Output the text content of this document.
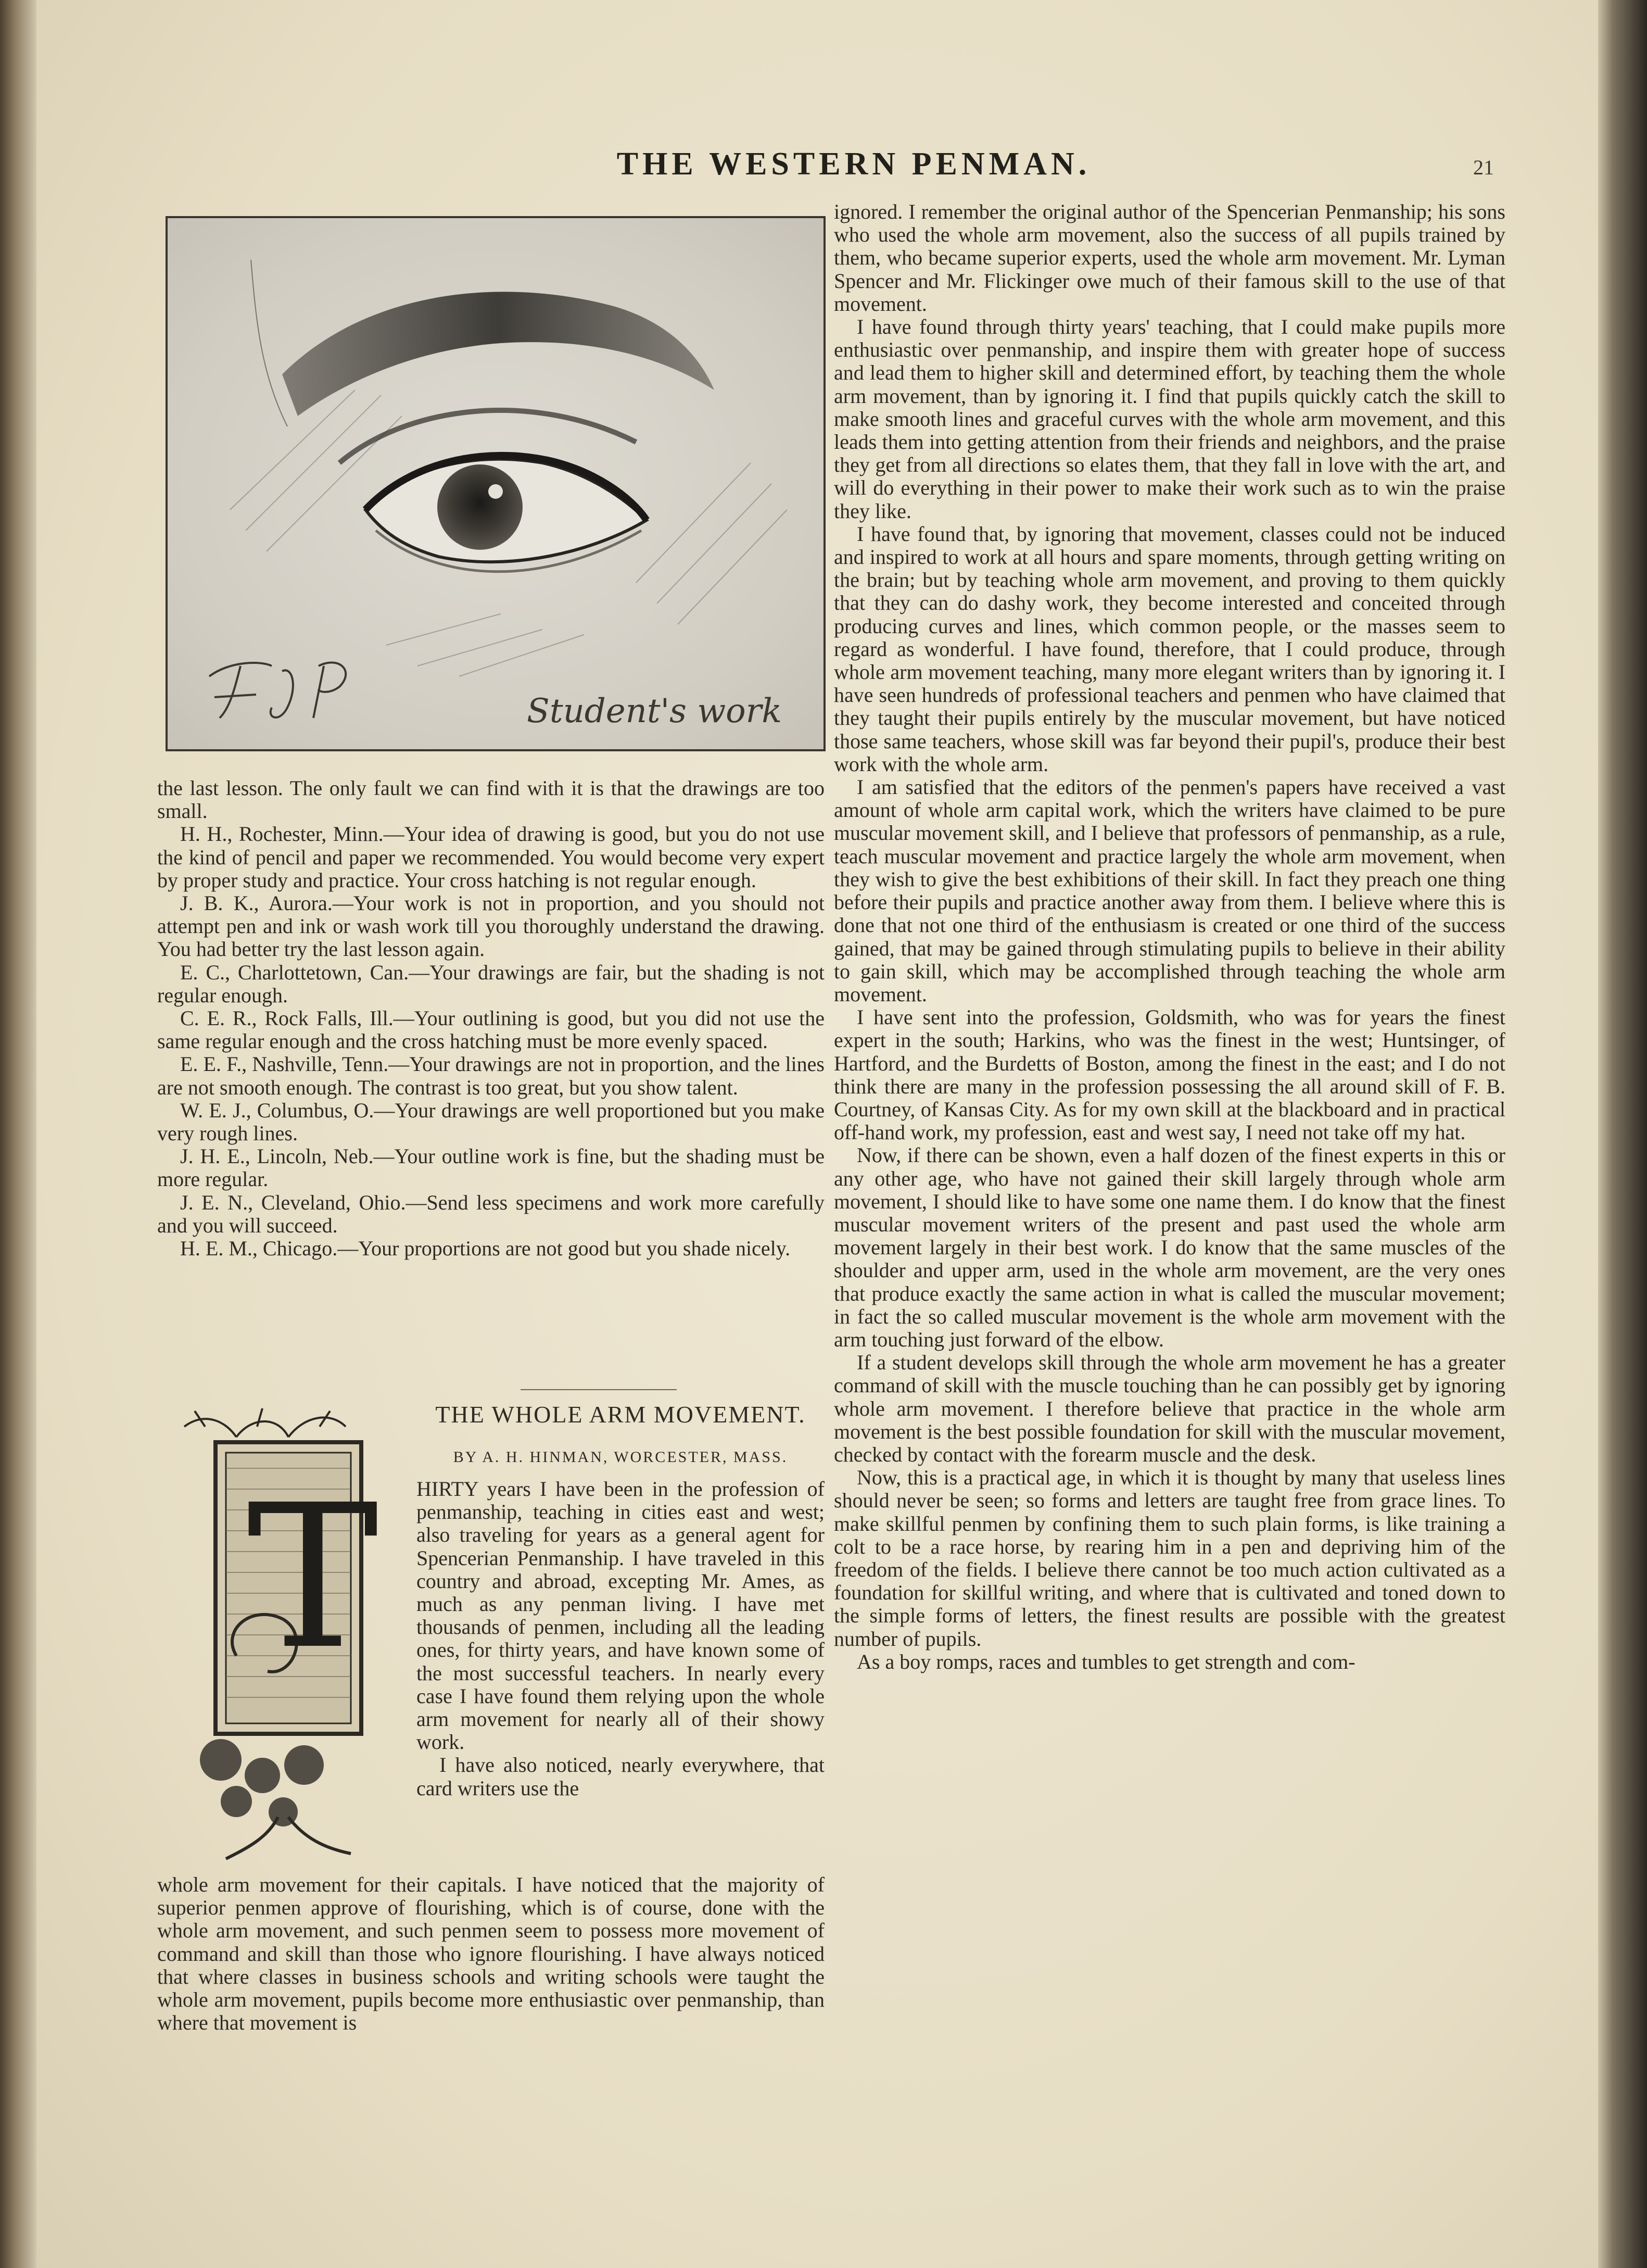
THE WESTERN PENMAN.	21
Student's work

the last lesson. The only fault we can find with it is that the drawings are too small.

H. H., Rochester, Minn.—Your idea of drawing is good, but you do not use the kind of pencil and paper we recommended. You would become very expert by proper study and practice. Your cross hatching is not regular enough.

J. B. K., Aurora.—Your work is not in proportion, and you should not attempt pen and ink or wash work till you thoroughly understand the drawing. You had better try the last lesson again.

E. C., Charlottetown, Can.—Your drawings are fair, but the shading is not regular enough.

C. E. R., Rock Falls, Ill.—Your outlining is good, but you did not use the same regular enough and the cross hatching must be more evenly spaced.

E. E. F., Nashville, Tenn.—Your drawings are not in proportion, and the lines are not smooth enough. The contrast is too great, but you show talent.

W. E. J., Columbus, O.—Your drawings are well proportioned but you make very rough lines.

J. H. E., Lincoln, Neb.—Your outline work is fine, but the shading must be more regular.

J. E. N., Cleveland, Ohio.—Send less specimens and work more carefully and you will succeed.

H. E. M., Chicago.—Your proportions are not good but you shade nicely.

THE WHOLE ARM MOVEMENT.
BY A. H. HINMAN, WORCESTER, MASS.
T HIRTY years I have been in the profession of penmanship, teaching in cities east and west; also traveling for years as a general agent for Spencerian Penmanship. I have traveled in this country and abroad, excepting Mr. Ames, as much as any penman living. I have met thousands of penmen, including all the leading ones, for thirty years, and have known some of the most successful teachers. In nearly every case I have found them relying upon the whole arm movement for nearly all of their showy work.

I have also noticed, nearly everywhere, that card writers use the

whole arm movement for their capitals. I have noticed that the majority of superior penmen approve of flourishing, which is of course, done with the whole arm movement, and such penmen seem to possess more movement of command and skill than those who ignore flourishing. I have always noticed that where classes in business schools and writing schools were taught the whole arm movement, pupils become more enthusiastic over penmanship, than where that movement is

ignored. I remember the original author of the Spencerian Penmanship; his sons who used the whole arm movement, also the success of all pupils trained by them, who became superior experts, used the whole arm movement. Mr. Lyman Spencer and Mr. Flickinger owe much of their famous skill to the use of that movement.

I have found through thirty years' teaching, that I could make pupils more enthusiastic over penmanship, and inspire them with greater hope of success and lead them to higher skill and determined effort, by teaching them the whole arm movement, than by ignoring it. I find that pupils quickly catch the skill to make smooth lines and graceful curves with the whole arm movement, and this leads them into getting attention from their friends and neighbors, and the praise they get from all directions so elates them, that they fall in love with the art, and will do everything in their power to make their work such as to win the praise they like.

I have found that, by ignoring that movement, classes could not be induced and inspired to work at all hours and spare moments, through getting writing on the brain; but by teaching whole arm movement, and proving to them quickly that they can do dashy work, they become interested and conceited through producing curves and lines, which common people, or the masses seem to regard as wonderful. I have found, therefore, that I could produce, through whole arm movement teaching, many more elegant writers than by ignoring it. I have seen hundreds of professional teachers and penmen who have claimed that they taught their pupils entirely by the muscular movement, but have noticed those same teachers, whose skill was far beyond their pupil's, produce their best work with the whole arm.

I am satisfied that the editors of the penmen's papers have received a vast amount of whole arm capital work, which the writers have claimed to be pure muscular movement skill, and I believe that professors of penmanship, as a rule, teach muscular movement and practice largely the whole arm movement, when they wish to give the best exhibitions of their skill. In fact they preach one thing before their pupils and practice another away from them. I believe where this is done that not one third of the enthusiasm is created or one third of the success gained, that may be gained through stimulating pupils to believe in their ability to gain skill, which may be accomplished through teaching the whole arm movement.

I have sent into the profession, Goldsmith, who was for years the finest expert in the south; Harkins, who was the finest in the west; Huntsinger, of Hartford, and the Burdetts of Boston, among the finest in the east; and I do not think there are many in the profession possessing the all around skill of F. B. Courtney, of Kansas City. As for my own skill at the blackboard and in practical off-hand work, my profession, east and west say, I need not take off my hat.

Now, if there can be shown, even a half dozen of the finest experts in this or any other age, who have not gained their skill largely through whole arm movement, I should like to have some one name them. I do know that the finest muscular movement writers of the present and past used the whole arm movement largely in their best work. I do know that the same muscles of the shoulder and upper arm, used in the whole arm movement, are the very ones that produce exactly the same action in what is called the muscular movement; in fact the so called muscular movement is the whole arm movement with the arm touching just forward of the elbow.

If a student develops skill through the whole arm movement he has a greater command of skill with the muscle touching than he can possibly get by ignoring whole arm movement. I therefore believe that practice in the whole arm movement is the best possible foundation for skill with the muscular movement, checked by contact with the forearm muscle and the desk.

Now, this is a practical age, in which it is thought by many that useless lines should never be seen; so forms and letters are taught free from grace lines. To make skillful penmen by confining them to such plain forms, is like training a colt to be a race horse, by rearing him in a pen and depriving him of the freedom of the fields. I believe there cannot be too much action cultivated as a foundation for skillful writing, and where that is cultivated and toned down to the simple forms of letters, the finest results are possible with the greatest number of pupils.

As a boy romps, races and tumbles to get strength and com-
